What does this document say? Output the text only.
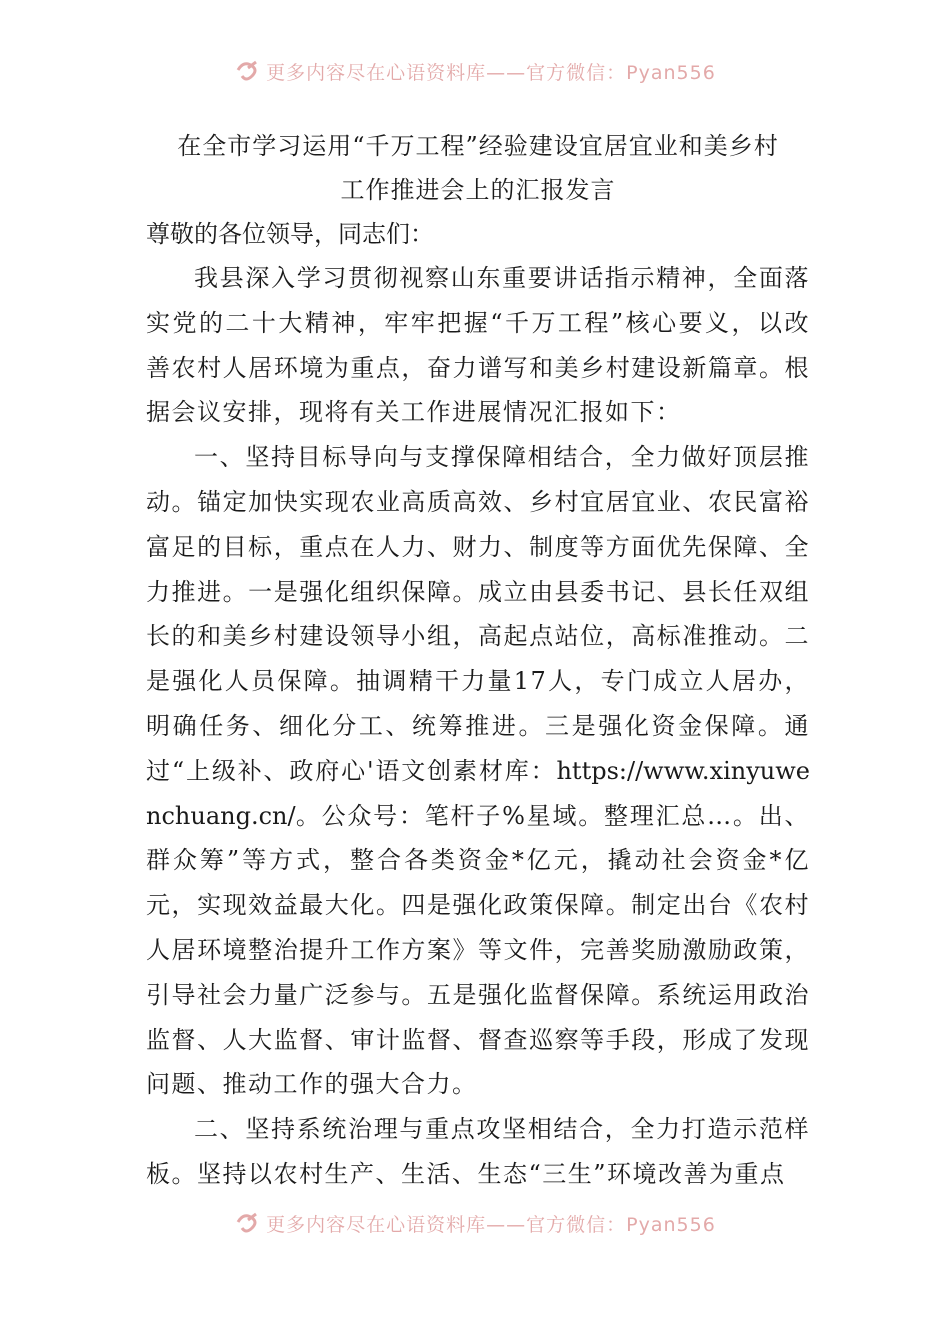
更多内容尽在心语资料库——官方微信：Pyan556
在全市学习运用“千万工程”经验建设宜居宜业和美乡村
工作推进会上的汇报发言

尊敬的各位领导，同志们：

我县深入学习贯彻视察山东重要讲话指示精神，全面落实党的二十大精神，牢牢把握“千万工程”核心要义，以改善农村人居环境为重点，奋力谱写和美乡村建设新篇章。根据会议安排，现将有关工作进展情况汇报如下：

一、坚持目标导向与支撑保障相结合，全力做好顶层推动。锚定加快实现农业高质高效、乡村宜居宜业、农民富裕富足的目标，重点在人力、财力、制度等方面优先保障、全力推进。一是强化组织保障。成立由县委书记、县长任双组长的和美乡村建设领导小组，高起点站位，高标准推动。二是强化人员保障。抽调精干力量17人，专门成立人居办，明确任务、细化分工、统筹推进。三是强化资金保障。通过“上级补、政府心'语文创素材库：https://www.xinyuwenchuang.cn/。公众号：笔杆子%星域。整理汇总…。出、群众筹”等方式，整合各类资金*亿元，撬动社会资金*亿元，实现效益最大化。四是强化政策保障。制定出台《农村人居环境整治提升工作方案》等文件，完善奖励激励政策，引导社会力量广泛参与。五是强化监督保障。系统运用政治监督、人大监督、审计监督、督查巡察等手段，形成了发现问题、推动工作的强大合力。

二、坚持系统治理与重点攻坚相结合，全力打造示范样板。坚持以农村生产、生活、生态“三生”环境改善为重点

更多内容尽在心语资料库——官方微信：Pyan556
